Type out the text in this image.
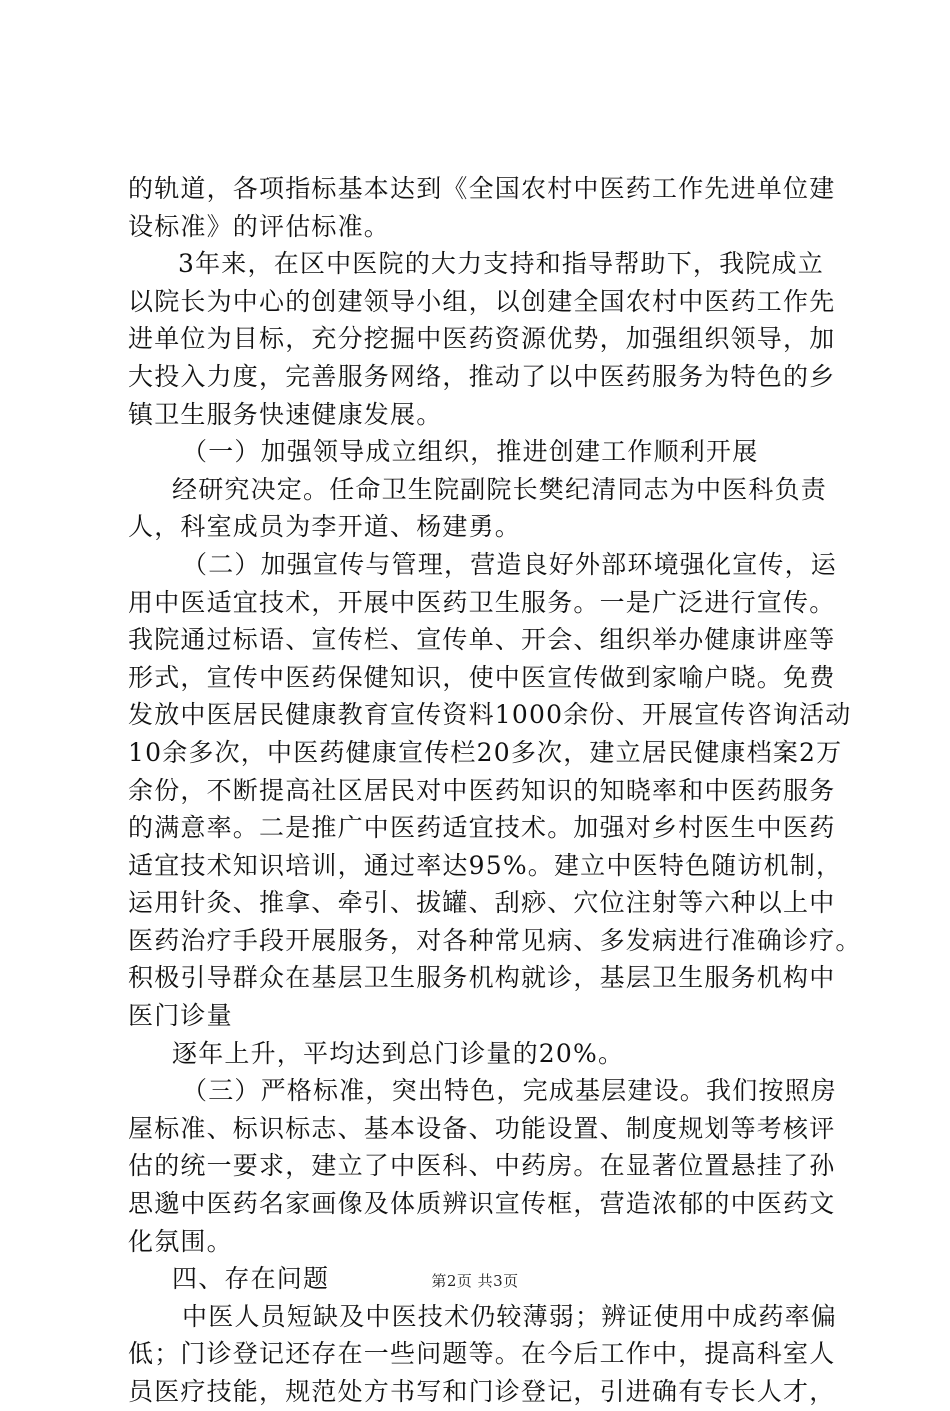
的轨道，各项指标基本达到《全国农村中医药工作先进单位建
设标准》的评估标准。
3年来，在区中医院的大力支持和指导帮助下，我院成立
以院长为中心的创建领导小组，以创建全国农村中医药工作先
进单位为目标，充分挖掘中医药资源优势，加强组织领导，加
大投入力度，完善服务网络，推动了以中医药服务为特色的乡
镇卫生服务快速健康发展。
（一）加强领导成立组织，推进创建工作顺利开展
经研究决定。任命卫生院副院长樊纪清同志为中医科负责
人，科室成员为李开道、杨建勇。
（二）加强宣传与管理，营造良好外部环境强化宣传，运
用中医适宜技术，开展中医药卫生服务。一是广泛进行宣传。
我院通过标语、宣传栏、宣传单、开会、组织举办健康讲座等
形式，宣传中医药保健知识，使中医宣传做到家喻户晓。免费
发放中医居民健康教育宣传资料1000余份、开展宣传咨询活动
10余多次，中医药健康宣传栏20多次，建立居民健康档案2万
余份，不断提高社区居民对中医药知识的知晓率和中医药服务
的满意率。二是推广中医药适宜技术。加强对乡村医生中医药
适宜技术知识培训，通过率达95%。建立中医特色随访机制，
运用针灸、推拿、牵引、拔罐、刮痧、穴位注射等六种以上中
医药治疗手段开展服务，对各种常见病、多发病进行准确诊疗。
积极引导群众在基层卫生服务机构就诊，基层卫生服务机构中
医门诊量
逐年上升，平均达到总门诊量的20%。
（三）严格标准，突出特色，完成基层建设。我们按照房
屋标准、标识标志、基本设备、功能设置、制度规划等考核评
估的统一要求，建立了中医科、中药房。在显著位置悬挂了孙
思邈中医药名家画像及体质辨识宣传框，营造浓郁的中医药文
化氛围。
四、存在问题
中医人员短缺及中医技术仍较薄弱；辨证使用中成药率偏
低；门诊登记还存在一些问题等。在今后工作中，提高科室人
员医疗技能，规范处方书写和门诊登记，引进确有专长人才，
第2页 共3页
